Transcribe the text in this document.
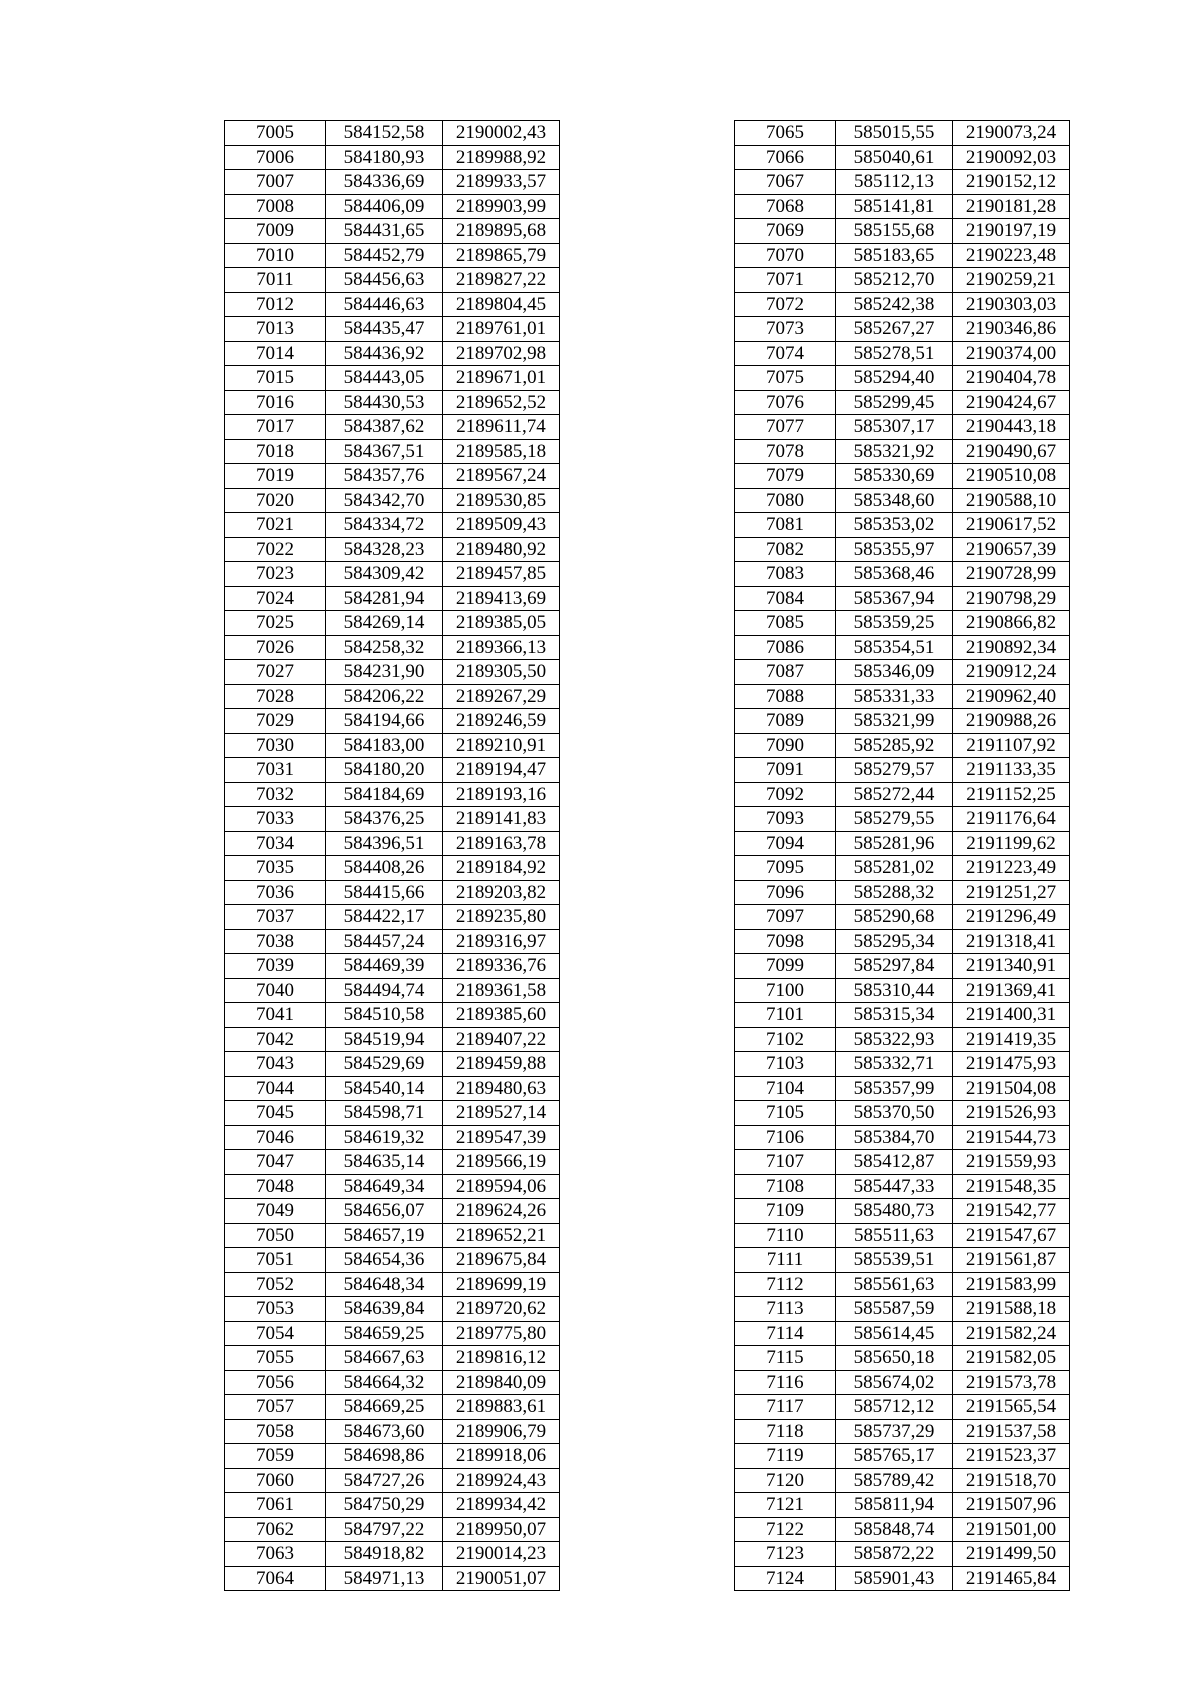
7005	584152,58	2190002,43
7006	584180,93	2189988,92
7007	584336,69	2189933,57
7008	584406,09	2189903,99
7009	584431,65	2189895,68
7010	584452,79	2189865,79
7011	584456,63	2189827,22
7012	584446,63	2189804,45
7013	584435,47	2189761,01
7014	584436,92	2189702,98
7015	584443,05	2189671,01
7016	584430,53	2189652,52
7017	584387,62	2189611,74
7018	584367,51	2189585,18
7019	584357,76	2189567,24
7020	584342,70	2189530,85
7021	584334,72	2189509,43
7022	584328,23	2189480,92
7023	584309,42	2189457,85
7024	584281,94	2189413,69
7025	584269,14	2189385,05
7026	584258,32	2189366,13
7027	584231,90	2189305,50
7028	584206,22	2189267,29
7029	584194,66	2189246,59
7030	584183,00	2189210,91
7031	584180,20	2189194,47
7032	584184,69	2189193,16
7033	584376,25	2189141,83
7034	584396,51	2189163,78
7035	584408,26	2189184,92
7036	584415,66	2189203,82
7037	584422,17	2189235,80
7038	584457,24	2189316,97
7039	584469,39	2189336,76
7040	584494,74	2189361,58
7041	584510,58	2189385,60
7042	584519,94	2189407,22
7043	584529,69	2189459,88
7044	584540,14	2189480,63
7045	584598,71	2189527,14
7046	584619,32	2189547,39
7047	584635,14	2189566,19
7048	584649,34	2189594,06
7049	584656,07	2189624,26
7050	584657,19	2189652,21
7051	584654,36	2189675,84
7052	584648,34	2189699,19
7053	584639,84	2189720,62
7054	584659,25	2189775,80
7055	584667,63	2189816,12
7056	584664,32	2189840,09
7057	584669,25	2189883,61
7058	584673,60	2189906,79
7059	584698,86	2189918,06
7060	584727,26	2189924,43
7061	584750,29	2189934,42
7062	584797,22	2189950,07
7063	584918,82	2190014,23
7064	584971,13	2190051,07
7065	585015,55	2190073,24
7066	585040,61	2190092,03
7067	585112,13	2190152,12
7068	585141,81	2190181,28
7069	585155,68	2190197,19
7070	585183,65	2190223,48
7071	585212,70	2190259,21
7072	585242,38	2190303,03
7073	585267,27	2190346,86
7074	585278,51	2190374,00
7075	585294,40	2190404,78
7076	585299,45	2190424,67
7077	585307,17	2190443,18
7078	585321,92	2190490,67
7079	585330,69	2190510,08
7080	585348,60	2190588,10
7081	585353,02	2190617,52
7082	585355,97	2190657,39
7083	585368,46	2190728,99
7084	585367,94	2190798,29
7085	585359,25	2190866,82
7086	585354,51	2190892,34
7087	585346,09	2190912,24
7088	585331,33	2190962,40
7089	585321,99	2190988,26
7090	585285,92	2191107,92
7091	585279,57	2191133,35
7092	585272,44	2191152,25
7093	585279,55	2191176,64
7094	585281,96	2191199,62
7095	585281,02	2191223,49
7096	585288,32	2191251,27
7097	585290,68	2191296,49
7098	585295,34	2191318,41
7099	585297,84	2191340,91
7100	585310,44	2191369,41
7101	585315,34	2191400,31
7102	585322,93	2191419,35
7103	585332,71	2191475,93
7104	585357,99	2191504,08
7105	585370,50	2191526,93
7106	585384,70	2191544,73
7107	585412,87	2191559,93
7108	585447,33	2191548,35
7109	585480,73	2191542,77
7110	585511,63	2191547,67
7111	585539,51	2191561,87
7112	585561,63	2191583,99
7113	585587,59	2191588,18
7114	585614,45	2191582,24
7115	585650,18	2191582,05
7116	585674,02	2191573,78
7117	585712,12	2191565,54
7118	585737,29	2191537,58
7119	585765,17	2191523,37
7120	585789,42	2191518,70
7121	585811,94	2191507,96
7122	585848,74	2191501,00
7123	585872,22	2191499,50
7124	585901,43	2191465,84
